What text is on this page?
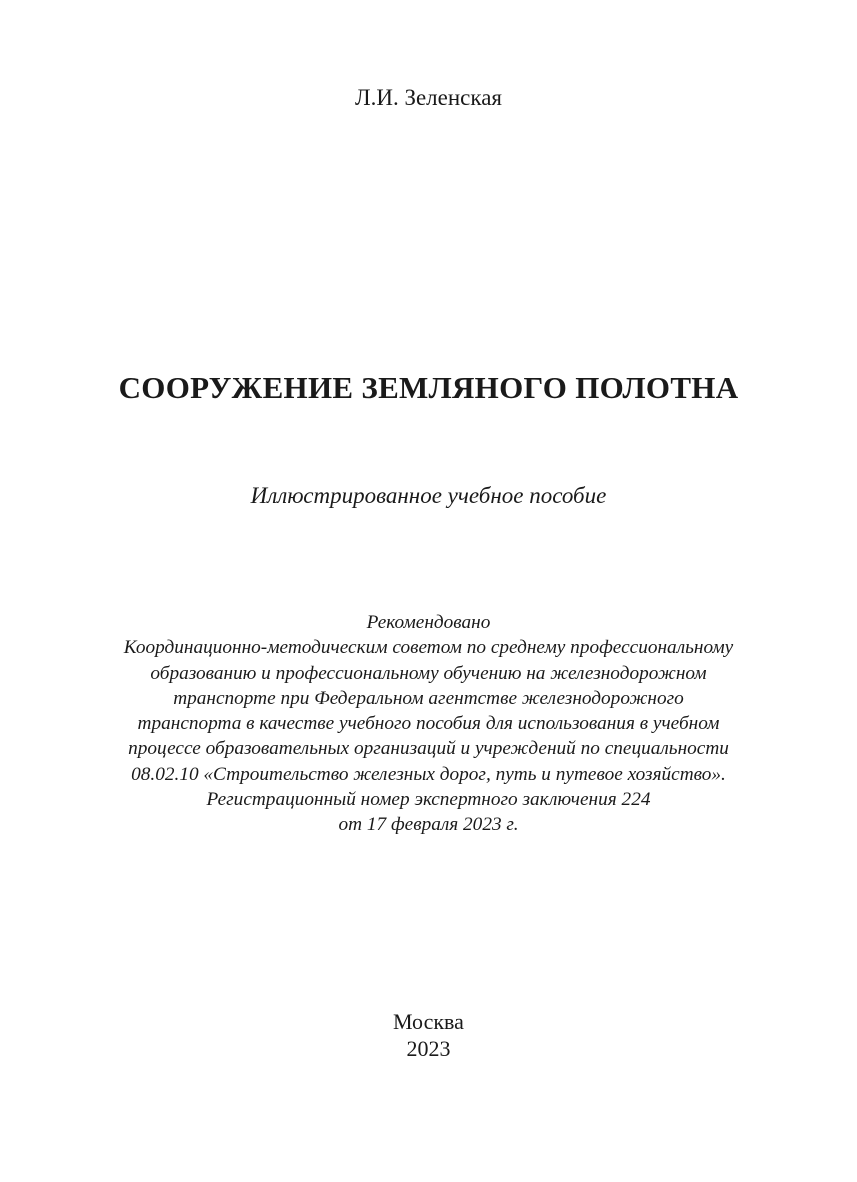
Л.И. Зеленская
СООРУЖЕНИЕ ЗЕМЛЯНОГО ПОЛОТНА
Иллюстрированное учебное пособие
Рекомендовано
Координационно-методическим советом по среднему профессиональному
образованию и профессиональному обучению на железнодорожном
транспорте при Федеральном агентстве железнодорожного
транспорта в качестве учебного пособия для использования в учебном
процессе образовательных организаций и учреждений по специальности
08.02.10 «Строительство железных дорог, путь и путевое хозяйство».
Регистрационный номер экспертного заключения 224
от 17 февраля 2023 г.
Москва
2023
